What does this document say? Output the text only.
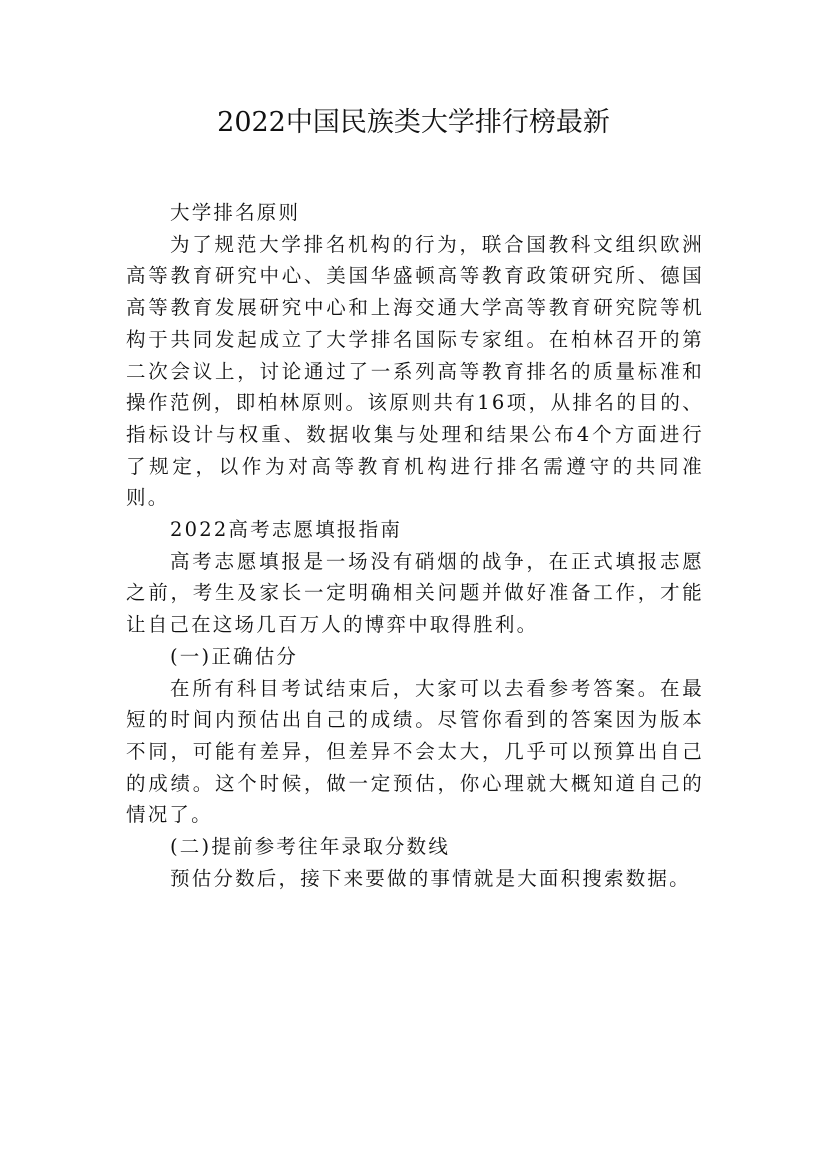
2022中国民族类大学排行榜最新

大学排名原则

为了规范大学排名机构的行为，联合国教科文组织欧洲高等教育研究中心、美国华盛顿高等教育政策研究所、德国高等教育发展研究中心和上海交通大学高等教育研究院等机构于共同发起成立了大学排名国际专家组。在柏林召开的第二次会议上，讨论通过了一系列高等教育排名的质量标准和操作范例，即柏林原则。该原则共有16项，从排名的目的、指标设计与权重、数据收集与处理和结果公布4个方面进行了规定，以作为对高等教育机构进行排名需遵守的共同准则。

2022高考志愿填报指南

高考志愿填报是一场没有硝烟的战争，在正式填报志愿之前，考生及家长一定明确相关问题并做好准备工作，才能让自己在这场几百万人的博弈中取得胜利。

(一)正确估分

在所有科目考试结束后，大家可以去看参考答案。在最短的时间内预估出自己的成绩。尽管你看到的答案因为版本不同，可能有差异，但差异不会太大，几乎可以预算出自己的成绩。这个时候，做一定预估，你心理就大概知道自己的情况了。

(二)提前参考往年录取分数线

预估分数后，接下来要做的事情就是大面积搜索数据。
